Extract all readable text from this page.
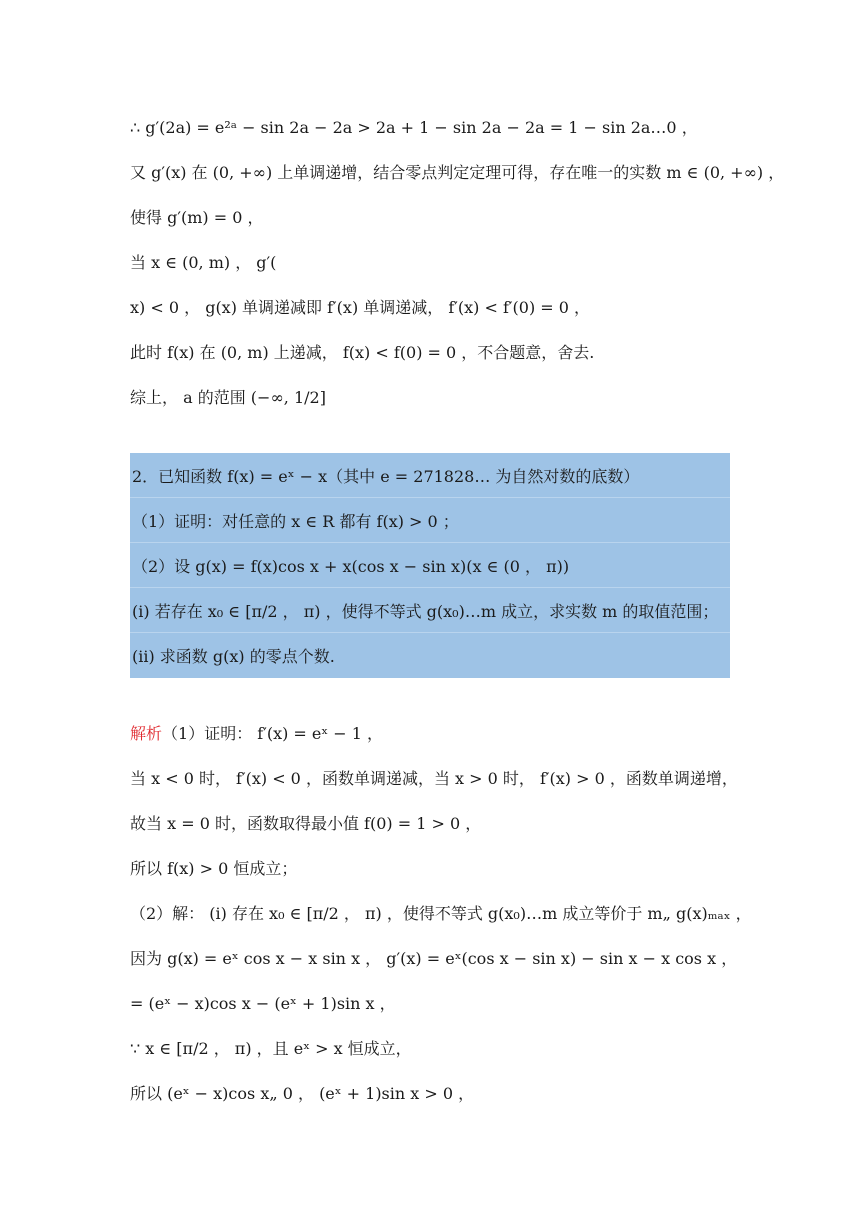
∴ g′(2a) = e²ᵃ − sin 2a − 2a > 2a + 1 − sin 2a − 2a = 1 − sin 2a…0 ，
又 g′(x) 在 (0, +∞) 上单调递增，结合零点判定定理可得，存在唯一的实数 m ∈ (0, +∞) ，
使得 g′(m) = 0 ，
当 x ∈ (0, m) ， g′(
x) < 0 ， g(x) 单调递减即 f′(x) 单调递减， f′(x) < f′(0) = 0 ，
此时 f(x) 在 (0, m) 上递减， f(x) < f(0) = 0 ，不合题意，舍去.
综上， a 的范围 (−∞, 1/2]
2．已知函数 f(x) = eˣ − x（其中 e = 271828… 为自然对数的底数）
（1）证明：对任意的 x ∈ R 都有 f(x) > 0 ；
（2）设 g(x) = f(x)cos x + x(cos x − sin x)(x ∈ (0 ， π))
(i) 若存在 x₀ ∈ [π/2 ， π) ，使得不等式 g(x₀)…m 成立，求实数 m 的取值范围；
(ii) 求函数 g(x) 的零点个数.
解析（1）证明： f′(x) = eˣ − 1 ，
当 x < 0 时， f′(x) < 0 ，函数单调递减，当 x > 0 时， f′(x) > 0 ，函数单调递增，
故当 x = 0 时，函数取得最小值 f(0) = 1 > 0 ，
所以 f(x) > 0 恒成立；
（2）解： (i) 存在 x₀ ∈ [π/2 ， π) ，使得不等式 g(x₀)…m 成立等价于 m„ g(x)ₘₐₓ ，
因为 g(x) = eˣ cos x − x sin x ， g′(x) = eˣ(cos x − sin x) − sin x − x cos x ，
= (eˣ − x)cos x − (eˣ + 1)sin x ，
∵ x ∈ [π/2 ， π) ，且 eˣ > x 恒成立，
所以 (eˣ − x)cos x„ 0 ， (eˣ + 1)sin x > 0 ，
